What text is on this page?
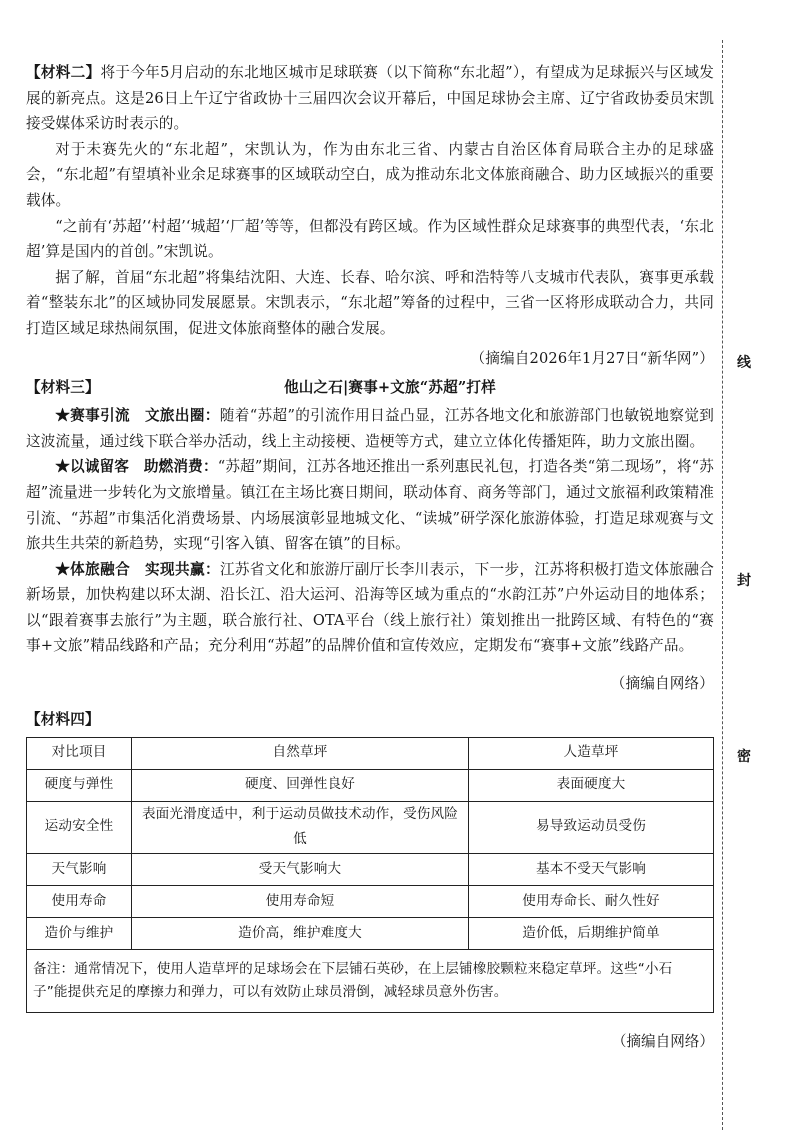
【材料二】将于今年5月启动的东北地区城市足球联赛（以下简称“东北超”），有望成为足球振兴与区域发展的新亮点。这是26日上午辽宁省政协十三届四次会议开幕后，中国足球协会主席、辽宁省政协委员宋凯接受媒体采访时表示的。

对于未赛先火的“东北超”，宋凯认为，作为由东北三省、内蒙古自治区体育局联合主办的足球盛会，“东北超”有望填补业余足球赛事的区域联动空白，成为推动东北文体旅商融合、助力区域振兴的重要载体。

“之前有‘苏超’‘村超’‘城超’‘厂超’等等，但都没有跨区域。作为区域性群众足球赛事的典型代表，‘东北超’算是国内的首创。”宋凯说。

据了解，首届“东北超”将集结沈阳、大连、长春、哈尔滨、呼和浩特等八支城市代表队，赛事更承载着“整装东北”的区域协同发展愿景。宋凯表示，“东北超”筹备的过程中，三省一区将形成联动合力，共同打造区域足球热闹氛围，促进文体旅商整体的融合发展。

（摘编自2026年1月27日“新华网”）

【材料三】	他山之石|赛事+文旅“苏超”打样

★赛事引流　文旅出圈：随着“苏超”的引流作用日益凸显，江苏各地文化和旅游部门也敏锐地察觉到这波流量，通过线下联合举办活动，线上主动接梗、造梗等方式，建立立体化传播矩阵，助力文旅出圈。

★以诚留客　助燃消费：“苏超”期间，江苏各地还推出一系列惠民礼包，打造各类“第二现场”，将“苏超”流量进一步转化为文旅增量。镇江在主场比赛日期间，联动体育、商务等部门，通过文旅福利政策精准引流、“苏超”市集活化消费场景、内场展演彰显地城文化、“读城”研学深化旅游体验，打造足球观赛与文旅共生共荣的新趋势，实现“引客入镇、留客在镇”的目标。

★体旅融合　实现共赢：江苏省文化和旅游厅副厅长李川表示，下一步，江苏将积极打造文体旅融合新场景，加快构建以环太湖、沿长江、沿大运河、沿海等区域为重点的“水韵江苏”户外运动目的地体系；以“跟着赛事去旅行”为主题，联合旅行社、OTA平台（线上旅行社）策划推出一批跨区域、有特色的“赛事+文旅”精品线路和产品；充分利用“苏超”的品牌价值和宣传效应，定期发布“赛事+文旅”线路产品。

（摘编自网络）

【材料四】
对比项目	自然草坪	人造草坪
硬度与弹性	硬度、回弹性良好	表面硬度大
运动安全性	表面光滑度适中，利于运动员做技术动作，受伤风险低	易导致运动员受伤
天气影响	受天气影响大	基本不受天气影响
使用寿命	使用寿命短	使用寿命长、耐久性好
造价与维护	造价高，维护难度大	造价低，后期维护简单
备注：通常情况下，使用人造草坪的足球场会在下层铺石英砂，在上层铺橡胶颗粒来稳定草坪。这些“小石子”能提供充足的摩擦力和弹力，可以有效防止球员滑倒，减轻球员意外伤害。		
（摘编自网络）
线
封
密
